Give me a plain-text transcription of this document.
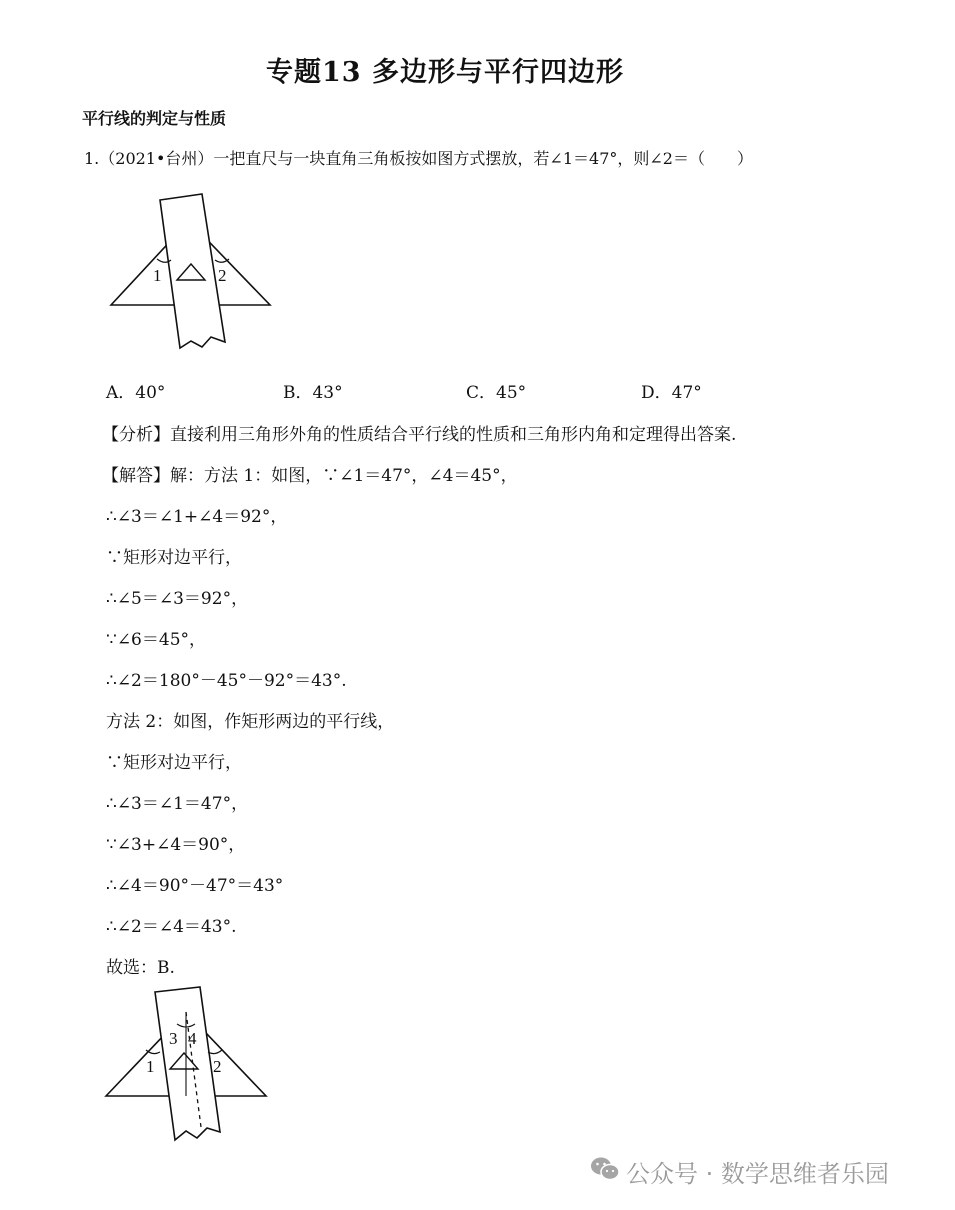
专题13 多边形与平行四边形
平行线的判定与性质
1.（2021•台州）一把直尺与一块直角三角板按如图方式摆放，若∠1＝47°，则∠2＝（　　）
1	2
A．40°	B．43°	C．45°	D．47°
【分析】直接利用三角形外角的性质结合平行线的性质和三角形内角和定理得出答案.
【解答】解：方法 1：如图，∵∠1＝47°，∠4＝45°，
∴∠3＝∠1+∠4＝92°，
∵矩形对边平行，
∴∠5＝∠3＝92°，
∵∠6＝45°，
∴∠2＝180°－45°－92°＝43°.
方法 2：如图，作矩形两边的平行线，
∵矩形对边平行，
∴∠3＝∠1＝47°，
∵∠3+∠4＝90°，
∴∠4＝90°－47°＝43°
∴∠2＝∠4＝43°.
故选：B.
1	2
3 4
公众号 · 数学思维者乐园
